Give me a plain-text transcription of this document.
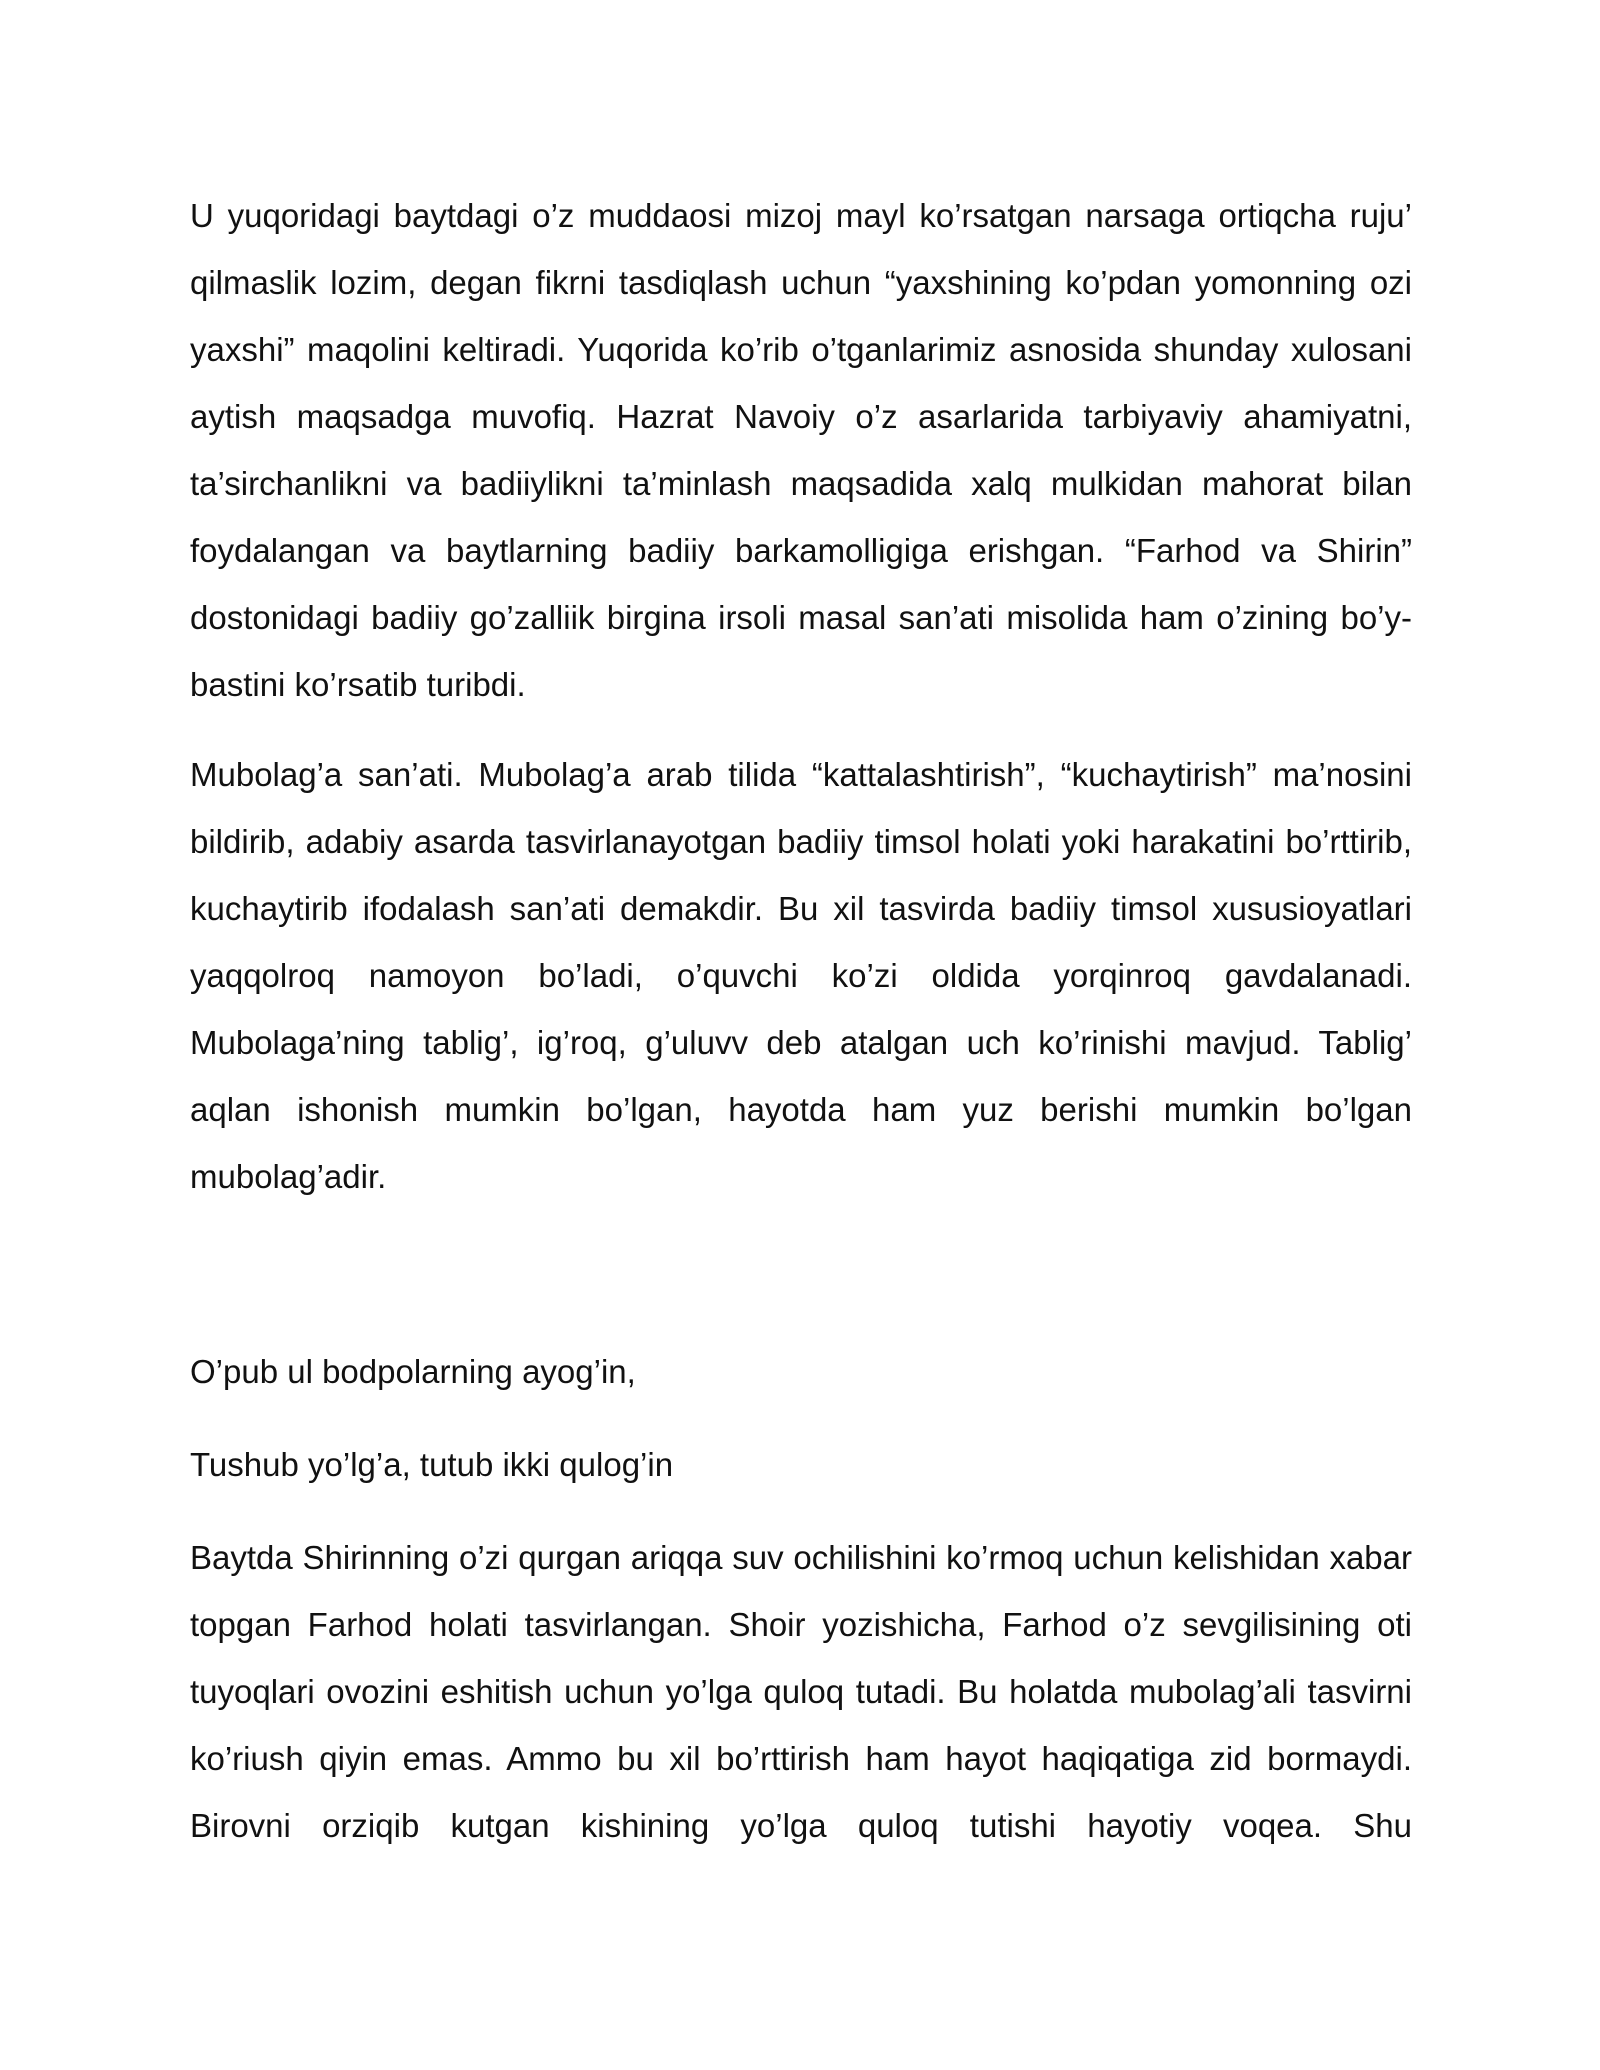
U yuqoridagi baytdagi o’z muddaosi mizoj mayl ko’rsatgan narsaga ortiqcha ruju’ qilmaslik lozim, degan fikrni tasdiqlash uchun “yaxshining ko’pdan yomonning ozi yaxshi” maqolini keltiradi. Yuqorida ko’rib o’tganlarimiz asnosida shunday xulosani aytish maqsadga muvofiq. Hazrat Navoiy o’z asarlarida tarbiyaviy ahamiyatni, ta’sirchanlikni va badiiylikni ta’minlash maqsadida xalq mulkidan mahorat bilan foydalangan va baytlarning badiiy barkamolligiga erishgan. “Farhod va Shirin” dostonidagi badiiy go’zalliik birgina irsoli masal san’ati misolida ham o’zining bo’y-bastini ko’rsatib turibdi.

Mubolag’a san’ati. Mubolag’a arab tilida “kattalashtirish”, “kuchaytirish” ma’nosini bildirib, adabiy asarda tasvirlanayotgan badiiy timsol holati yoki harakatini bo’rttirib, kuchaytirib ifodalash san’ati demakdir. Bu xil tasvirda badiiy timsol xususioyatlari yaqqolroq namoyon bo’ladi, o’quvchi ko’zi oldida yorqinroq gavdalanadi. Mubolaga’ning tablig’, ig’roq, g’uluvv deb atalgan uch ko’rinishi mavjud. Tablig’ aqlan ishonish mumkin bo’lgan, hayotda ham yuz berishi mumkin bo’lgan mubolag’adir.

O’pub ul bodpolarning ayog’in,

Tushub yo’lg’a, tutub ikki qulog’in

Baytda Shirinning o’zi qurgan ariqqa suv ochilishini ko’rmoq uchun kelishidan xabar topgan Farhod holati tasvirlangan. Shoir yozishicha, Farhod o’z sevgilisining oti tuyoqlari ovozini eshitish uchun yo’lga quloq tutadi. Bu holatda mubolag’ali tasvirni ko’riush qiyin emas. Ammo bu xil bo’rttirish ham hayot haqiqatiga zid bormaydi. Birovni orziqib kutgan kishining yo’lga quloq tutishi hayotiy voqea. Shu
